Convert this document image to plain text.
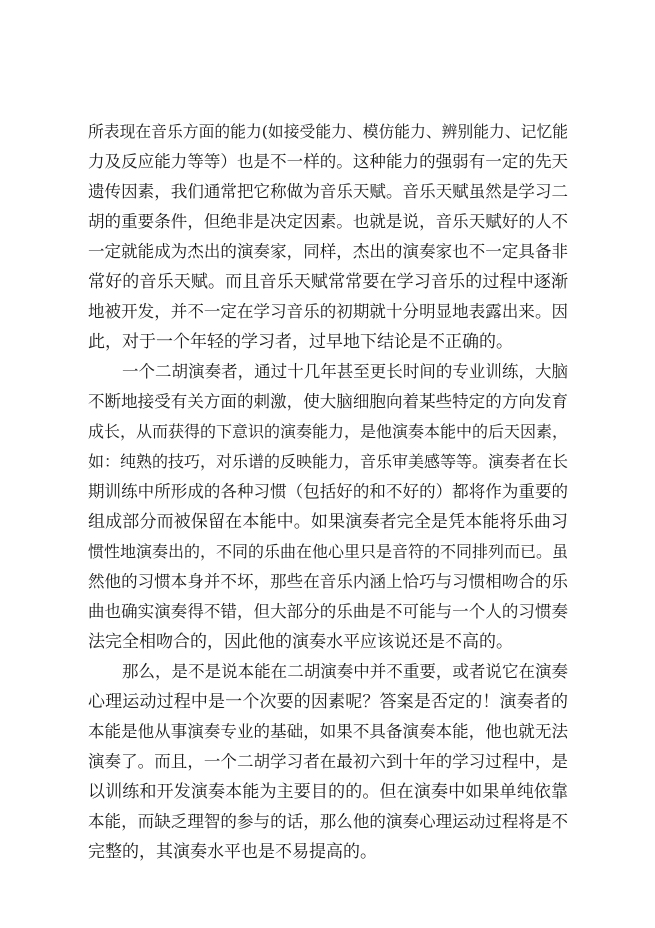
所表现在音乐方面的能力(如接受能力、模仿能力、辨别能力、记忆能
力及反应能力等等）也是不一样的。这种能力的强弱有一定的先天
遗传因素，我们通常把它称做为音乐天赋。音乐天赋虽然是学习二
胡的重要条件，但绝非是决定因素。也就是说，音乐天赋好的人不
一定就能成为杰出的演奏家，同样，杰出的演奏家也不一定具备非
常好的音乐天赋。而且音乐天赋常常要在学习音乐的过程中逐渐
地被开发，并不一定在学习音乐的初期就十分明显地表露出来。因
此，对于一个年轻的学习者，过早地下结论是不正确的。
一个二胡演奏者，通过十几年甚至更长时间的专业训练，大脑
不断地接受有关方面的刺激，使大脑细胞向着某些特定的方向发育
成长，从而获得的下意识的演奏能力，是他演奏本能中的后天因素，
如：纯熟的技巧，对乐谱的反映能力，音乐审美感等等。演奏者在长
期训练中所形成的各种习惯（包括好的和不好的）都将作为重要的
组成部分而被保留在本能中。如果演奏者完全是凭本能将乐曲习
惯性地演奏出的，不同的乐曲在他心里只是音符的不同排列而已。虽
然他的习惯本身并不坏，那些在音乐内涵上恰巧与习惯相吻合的乐
曲也确实演奏得不错，但大部分的乐曲是不可能与一个人的习惯奏
法完全相吻合的，因此他的演奏水平应该说还是不高的。
那么，是不是说本能在二胡演奏中并不重要，或者说它在演奏
心理运动过程中是一个次要的因素呢？答案是否定的！演奏者的
本能是他从事演奏专业的基础，如果不具备演奏本能，他也就无法
演奏了。而且，一个二胡学习者在最初六到十年的学习过程中，是
以训练和开发演奏本能为主要目的的。但在演奏中如果单纯依靠
本能，而缺乏理智的参与的话，那么他的演奏心理运动过程将是不
完整的，其演奏水平也是不易提高的。
